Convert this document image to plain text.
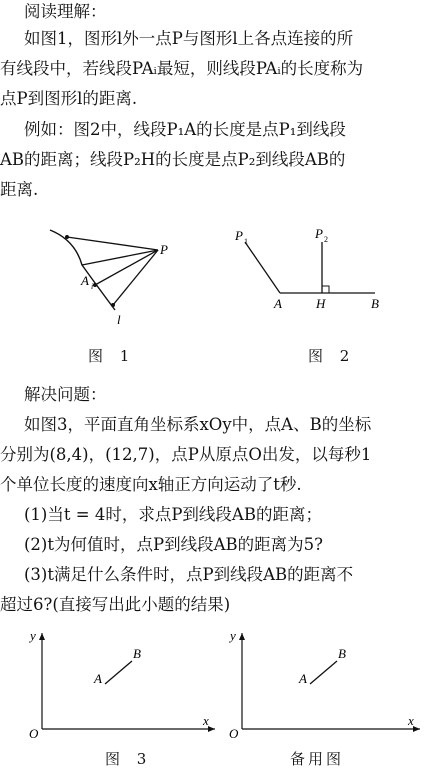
阅读理解：
如图1，图形l外一点P与图形l上各点连接的所
有线段中，若线段PAᵢ最短，则线段PAᵢ的长度称为
点P到图形l的距离.
例如：图2中，线段P₁A的长度是点P₁到线段
AB的距离；线段P₂H的长度是点P₂到线段AB的
距离.
P
A i
l
图 1
P 1
P 2
A	H	B
图 2
解决问题：
如图3，平面直角坐标系xOy中，点A、B的坐标
分别为(8,4)，(12,7)，点P从原点O出发，以每秒1
个单位长度的速度向x轴正方向运动了t秒.
(1)当t = 4时，求点P到线段AB的距离；
(2)t为何值时，点P到线段AB的距离为5?
(3)t满足什么条件时，点P到线段AB的距离不
超过6?(直接写出此小题的结果)
y
x
O
A
B
图 3
y
x
O
A
B
备用图
